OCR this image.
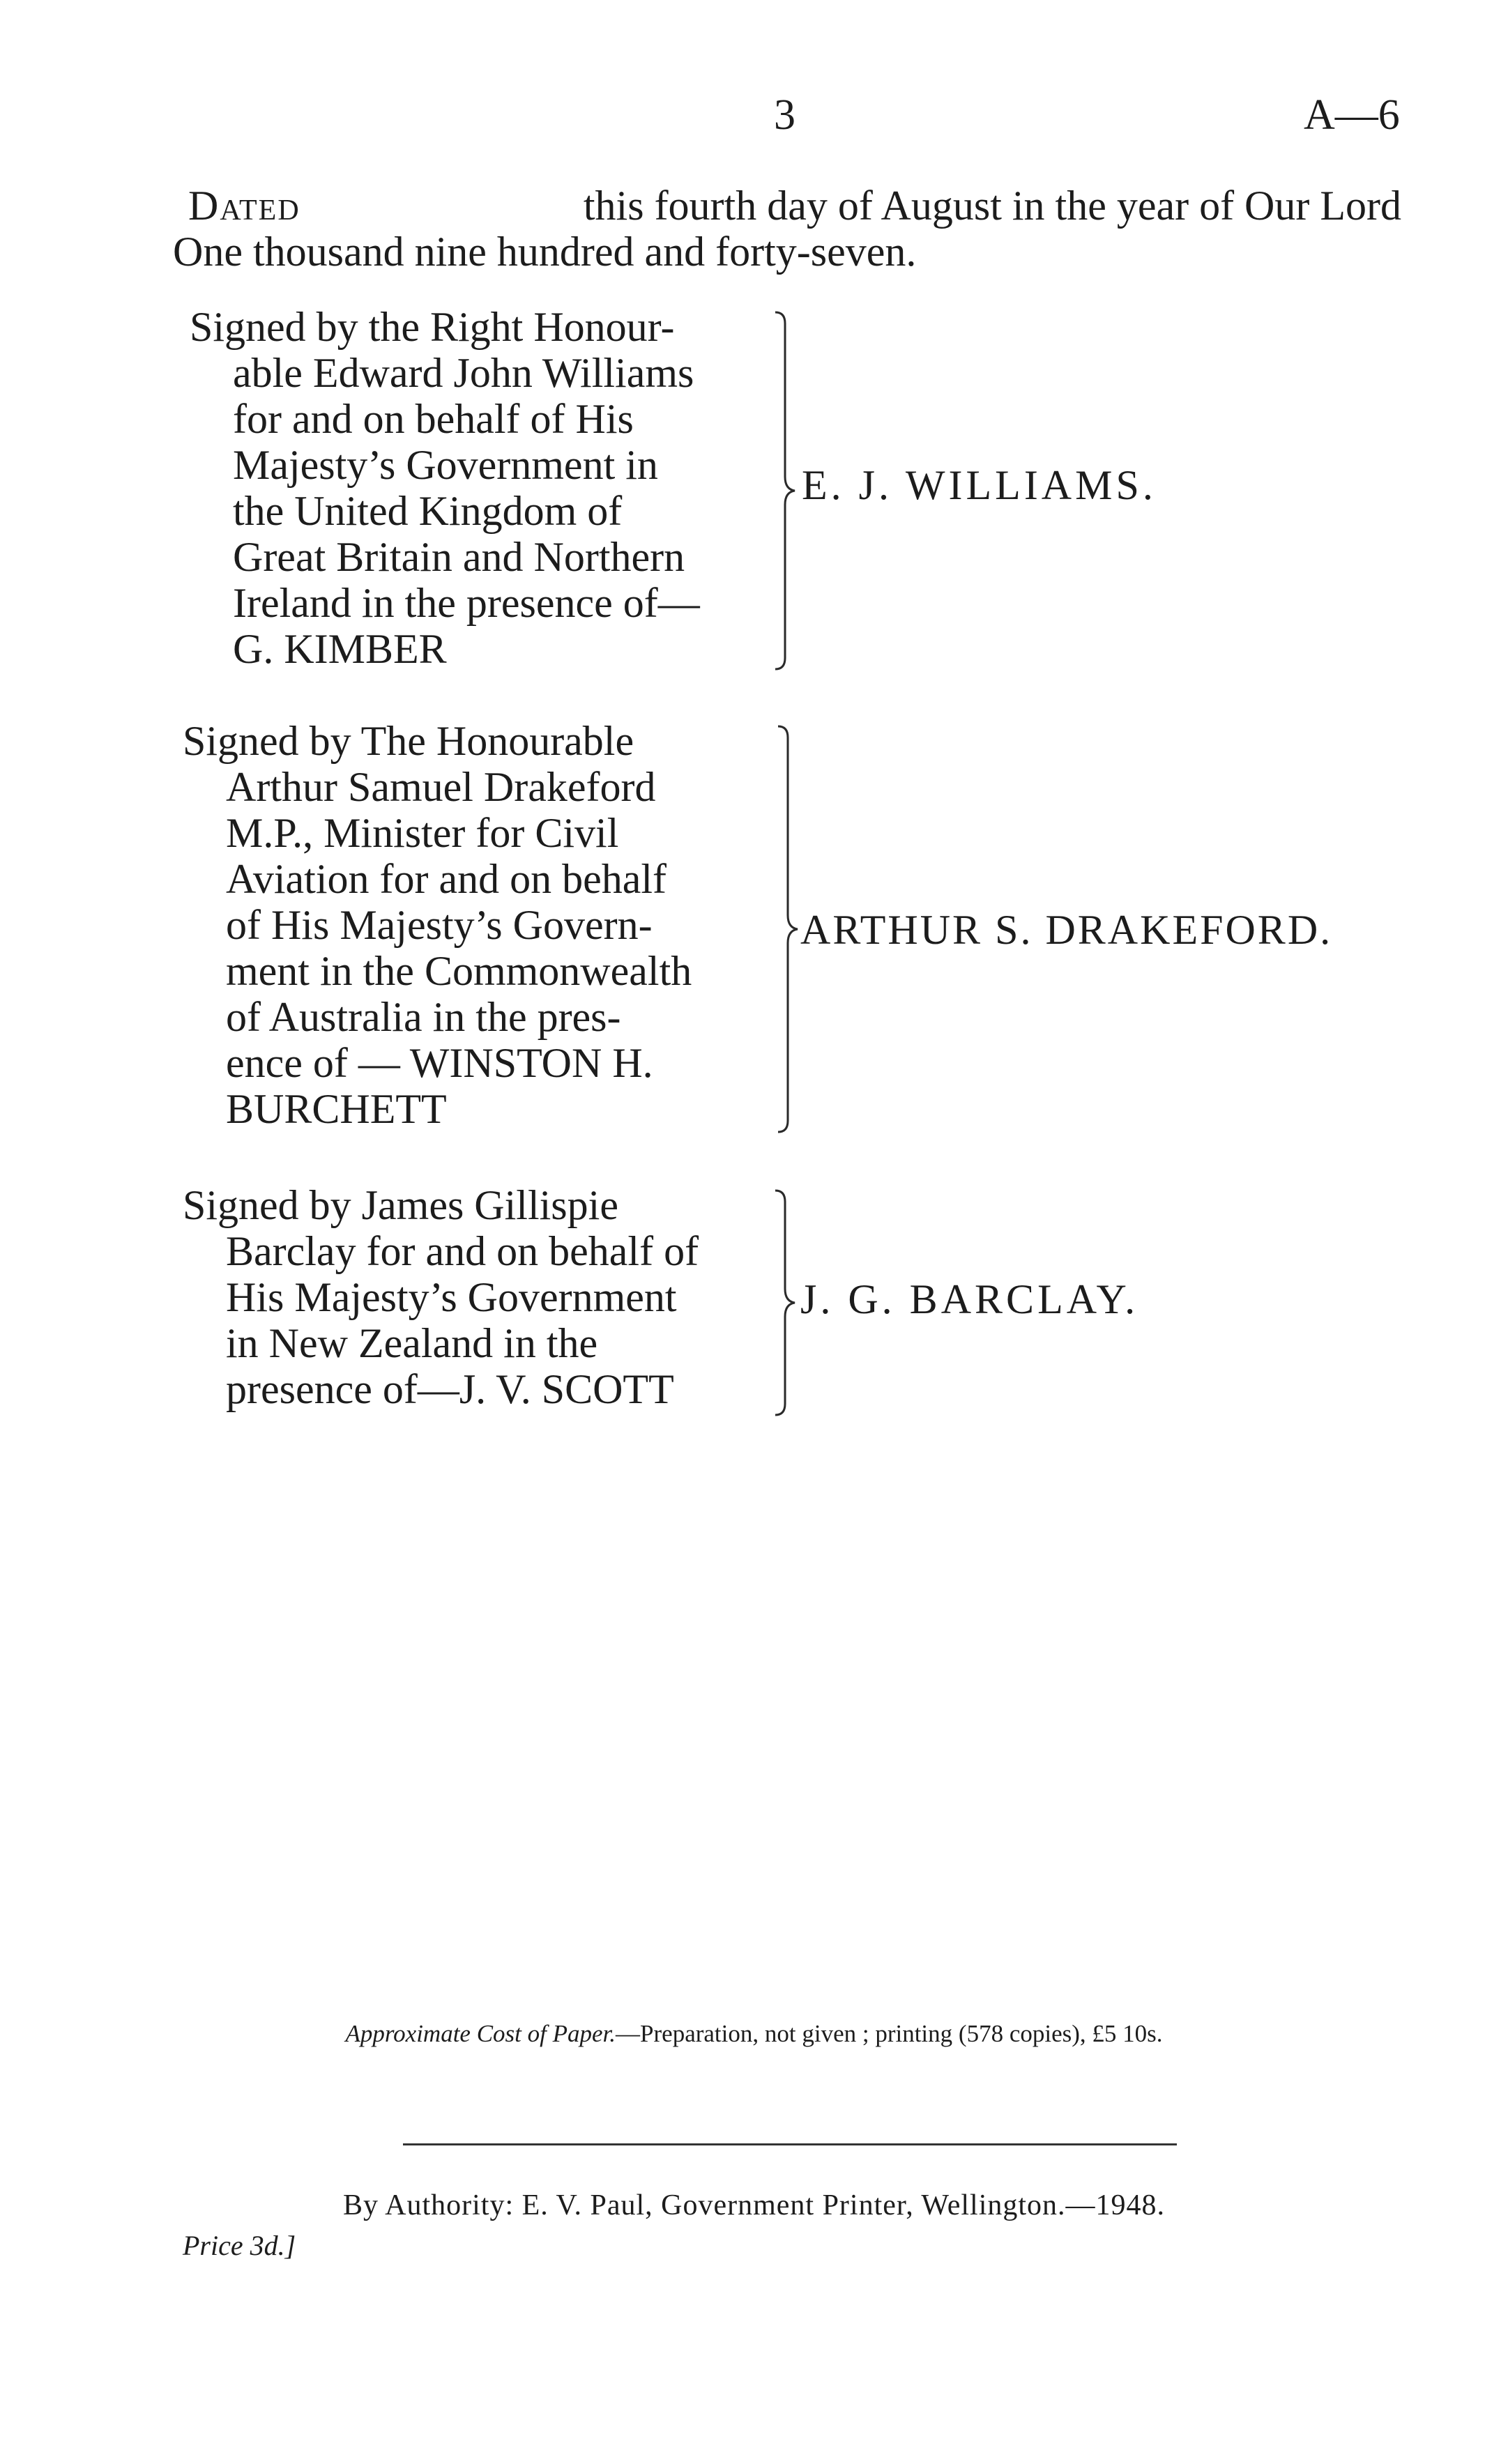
3	A—6
Dated	this fourth day of August in the year of Our Lord
One thousand nine hundred and forty-seven.
Signed by the Right Honour-
able Edward John Williams
for and on behalf of His
Majesty’s Government in
the United Kingdom of
Great Britain and Northern
Ireland in the presence of—
G. KIMBER
E. J. WILLIAMS.
Signed by The Honourable
Arthur Samuel Drakeford
M.P., Minister for Civil
Aviation for and on behalf
of His Majesty’s Govern-
ment in the Commonwealth
of Australia in the pres-
ence of — WINSTON H.
BURCHETT
ARTHUR S. DRAKEFORD.
Signed by James Gillispie
Barclay for and on behalf of
His Majesty’s Government
in New Zealand in the
presence of—J. V. SCOTT
J. G. BARCLAY.
Approximate Cost of Paper.—Preparation, not given ; printing (578 copies), £5 10s.
By Authority: E. V. Paul, Government Printer, Wellington.—1948.
Price 3d.]
